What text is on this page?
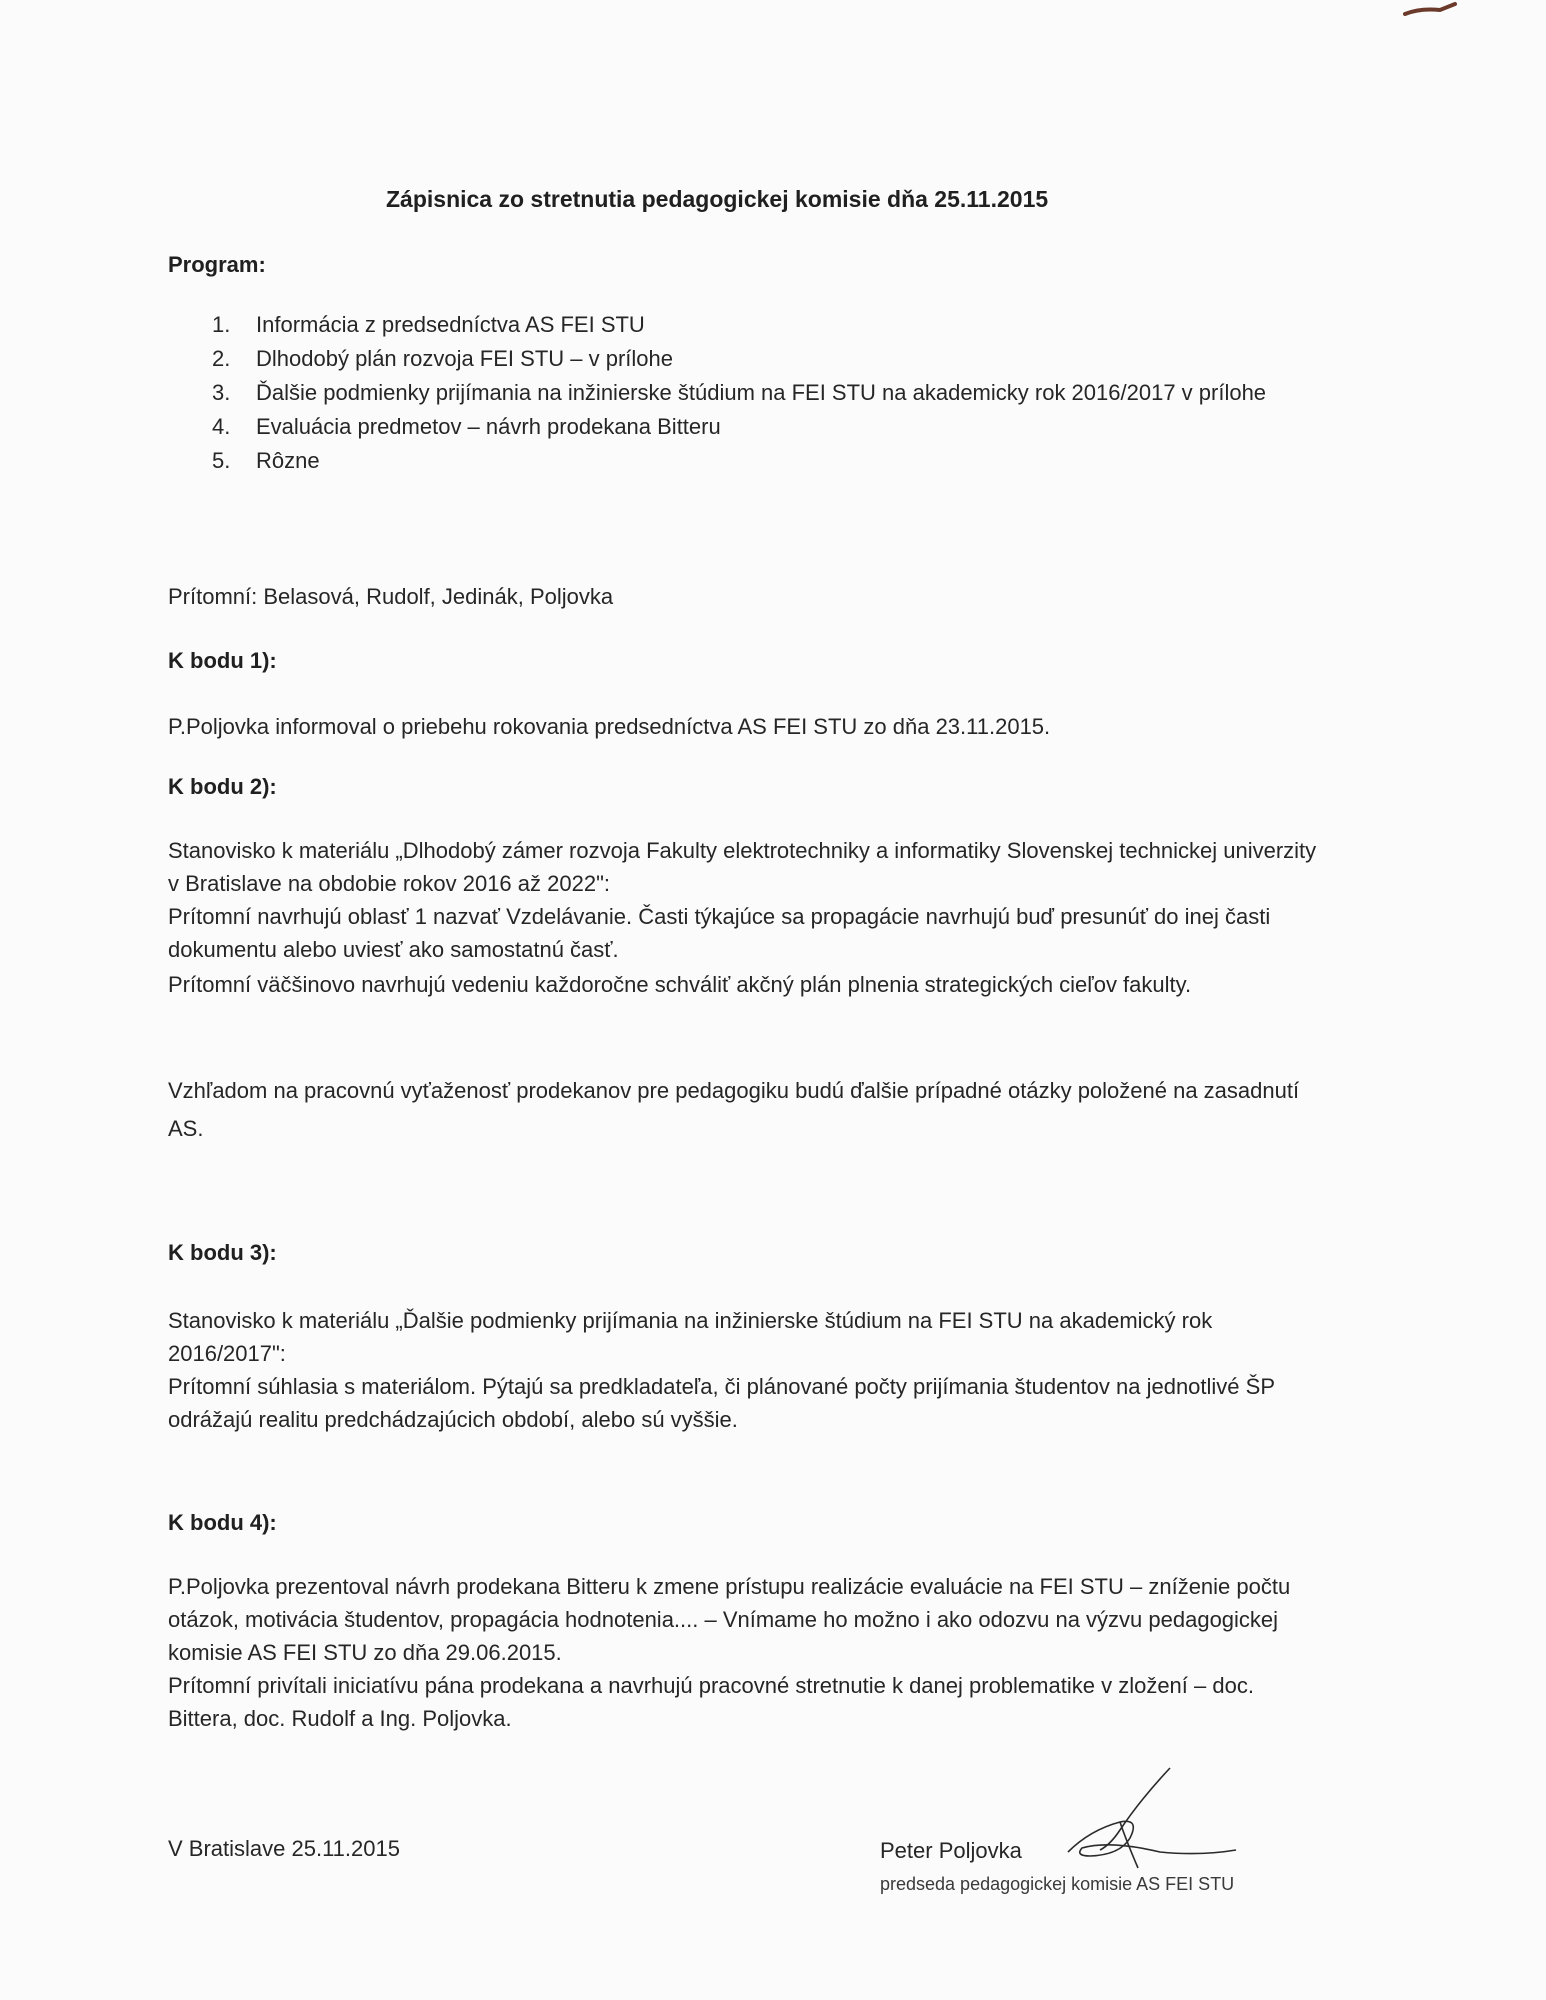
Zápisnica zo stretnutia pedagogickej komisie dňa 25.11.2015
Program:
1.	Informácia z predsedníctva AS FEI STU
2.	Dlhodobý plán rozvoja FEI STU – v prílohe
3.	Ďalšie podmienky prijímania na inžinierske štúdium na FEI STU na akademicky rok 2016/2017 v prílohe
4.	Evaluácia predmetov – návrh prodekana Bitteru
5.	Rôzne
Prítomní: Belasová, Rudolf, Jedinák, Poljovka
K bodu 1):
P.Poljovka informoval o priebehu rokovania predsedníctva AS FEI STU zo dňa 23.11.2015.
K bodu 2):

Stanovisko k materiálu „Dlhodobý zámer rozvoja Fakulty elektrotechniky a informatiky Slovenskej technickej univerzity v Bratislave na obdobie rokov 2016 až 2022":

Prítomní navrhujú oblasť 1 nazvať Vzdelávanie. Časti týkajúce sa propagácie navrhujú buď presunúť do inej časti dokumentu alebo uviesť ako samostatnú časť.

Prítomní väčšinovo navrhujú vedeniu každoročne schváliť akčný plán plnenia strategických cieľov fakulty.

Vzhľadom na pracovnú vyťaženosť prodekanov pre pedagogiku budú ďalšie prípadné otázky položené na zasadnutí AS.
K bodu 3):

Stanovisko k materiálu „Ďalšie podmienky prijímania na inžinierske štúdium na FEI STU na akademický rok 2016/2017":

Prítomní súhlasia s materiálom. Pýtajú sa predkladateľa, či plánované počty prijímania študentov na jednotlivé ŠP odrážajú realitu predchádzajúcich období, alebo sú vyššie.

K bodu 4):

P.Poljovka prezentoval návrh prodekana Bitteru k zmene prístupu realizácie evaluácie na FEI STU – zníženie počtu otázok, motivácia študentov, propagácia hodnotenia.... – Vnímame ho možno i ako odozvu na výzvu pedagogickej komisie AS FEI STU zo dňa 29.06.2015.

Prítomní privítali iniciatívu pána prodekana a navrhujú pracovné stretnutie k danej problematike v zložení – doc. Bittera, doc. Rudolf a Ing. Poljovka.

V Bratislave 25.11.2015	Peter Poljovka
predseda pedagogickej komisie AS FEI STU
